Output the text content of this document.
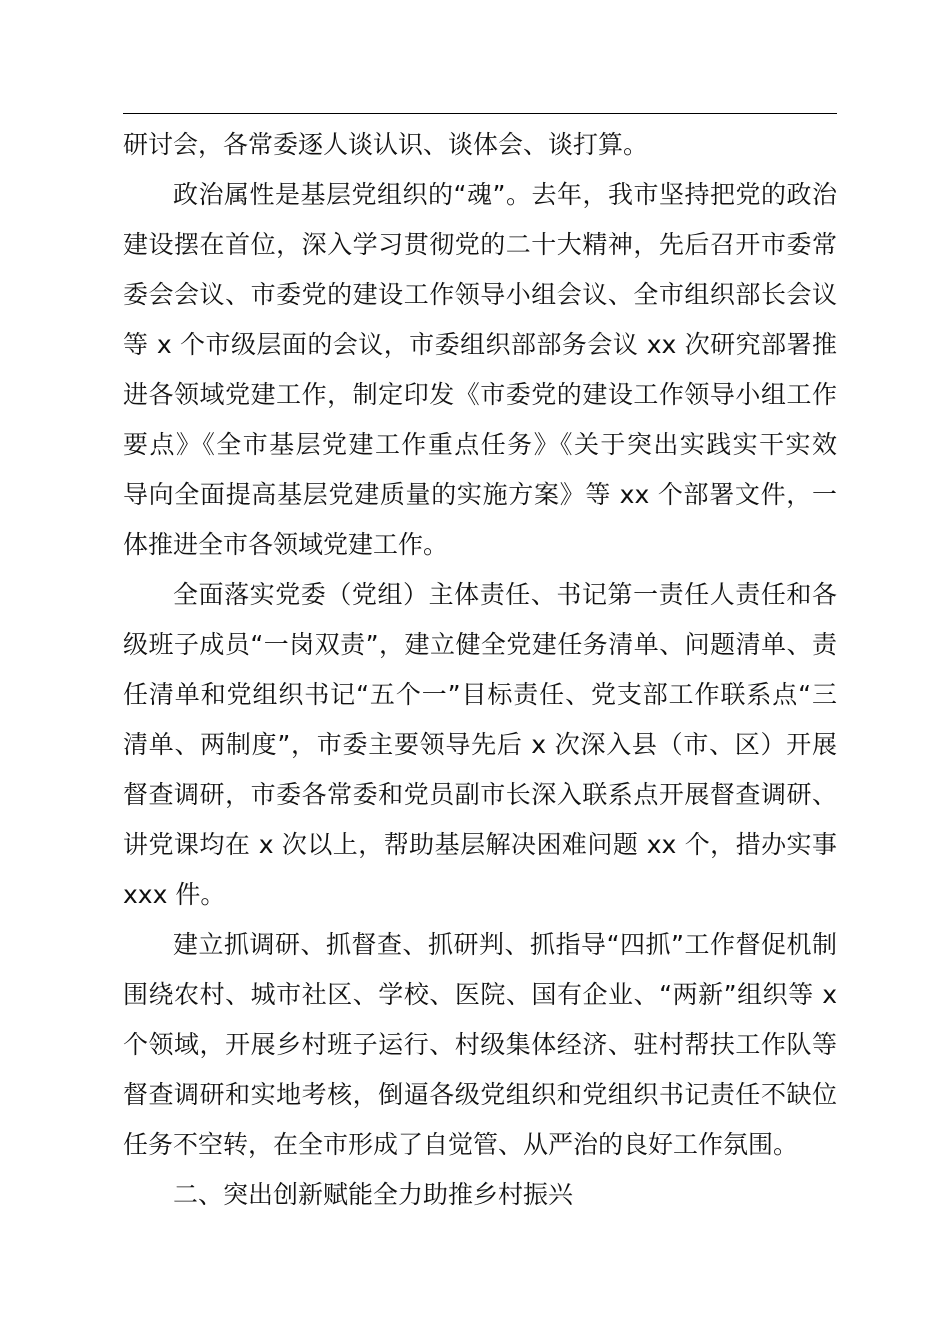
研讨会，各常委逐人谈认识、谈体会、谈打算。
政治属性是基层党组织的“魂”。去年，我市坚持把党的政治
建设摆在首位，深入学习贯彻党的二十大精神，先后召开市委常
委会会议、市委党的建设工作领导小组会议、全市组织部长会议
等 x 个市级层面的会议，市委组织部部务会议 xx 次研究部署推
进各领域党建工作，制定印发《市委党的建设工作领导小组工作
要点》《全市基层党建工作重点任务》《关于突出实践实干实效
导向全面提高基层党建质量的实施方案》等 xx 个部署文件，一
体推进全市各领域党建工作。
全面落实党委（党组）主体责任、书记第一责任人责任和各
级班子成员“一岗双责”，建立健全党建任务清单、问题清单、责
任清单和党组织书记“五个一”目标责任、党支部工作联系点“三
清单、两制度”，市委主要领导先后 x 次深入县（市、区）开展
督查调研，市委各常委和党员副市长深入联系点开展督查调研、
讲党课均在 x 次以上，帮助基层解决困难问题 xx 个，措办实事
xxx 件。
建立抓调研、抓督查、抓研判、抓指导“四抓”工作督促机制
围绕农村、城市社区、学校、医院、国有企业、“两新”组织等 x
个领域，开展乡村班子运行、村级集体经济、驻村帮扶工作队等
督查调研和实地考核，倒逼各级党组织和党组织书记责任不缺位
任务不空转，在全市形成了自觉管、从严治的良好工作氛围。
二、突出创新赋能全力助推乡村振兴
